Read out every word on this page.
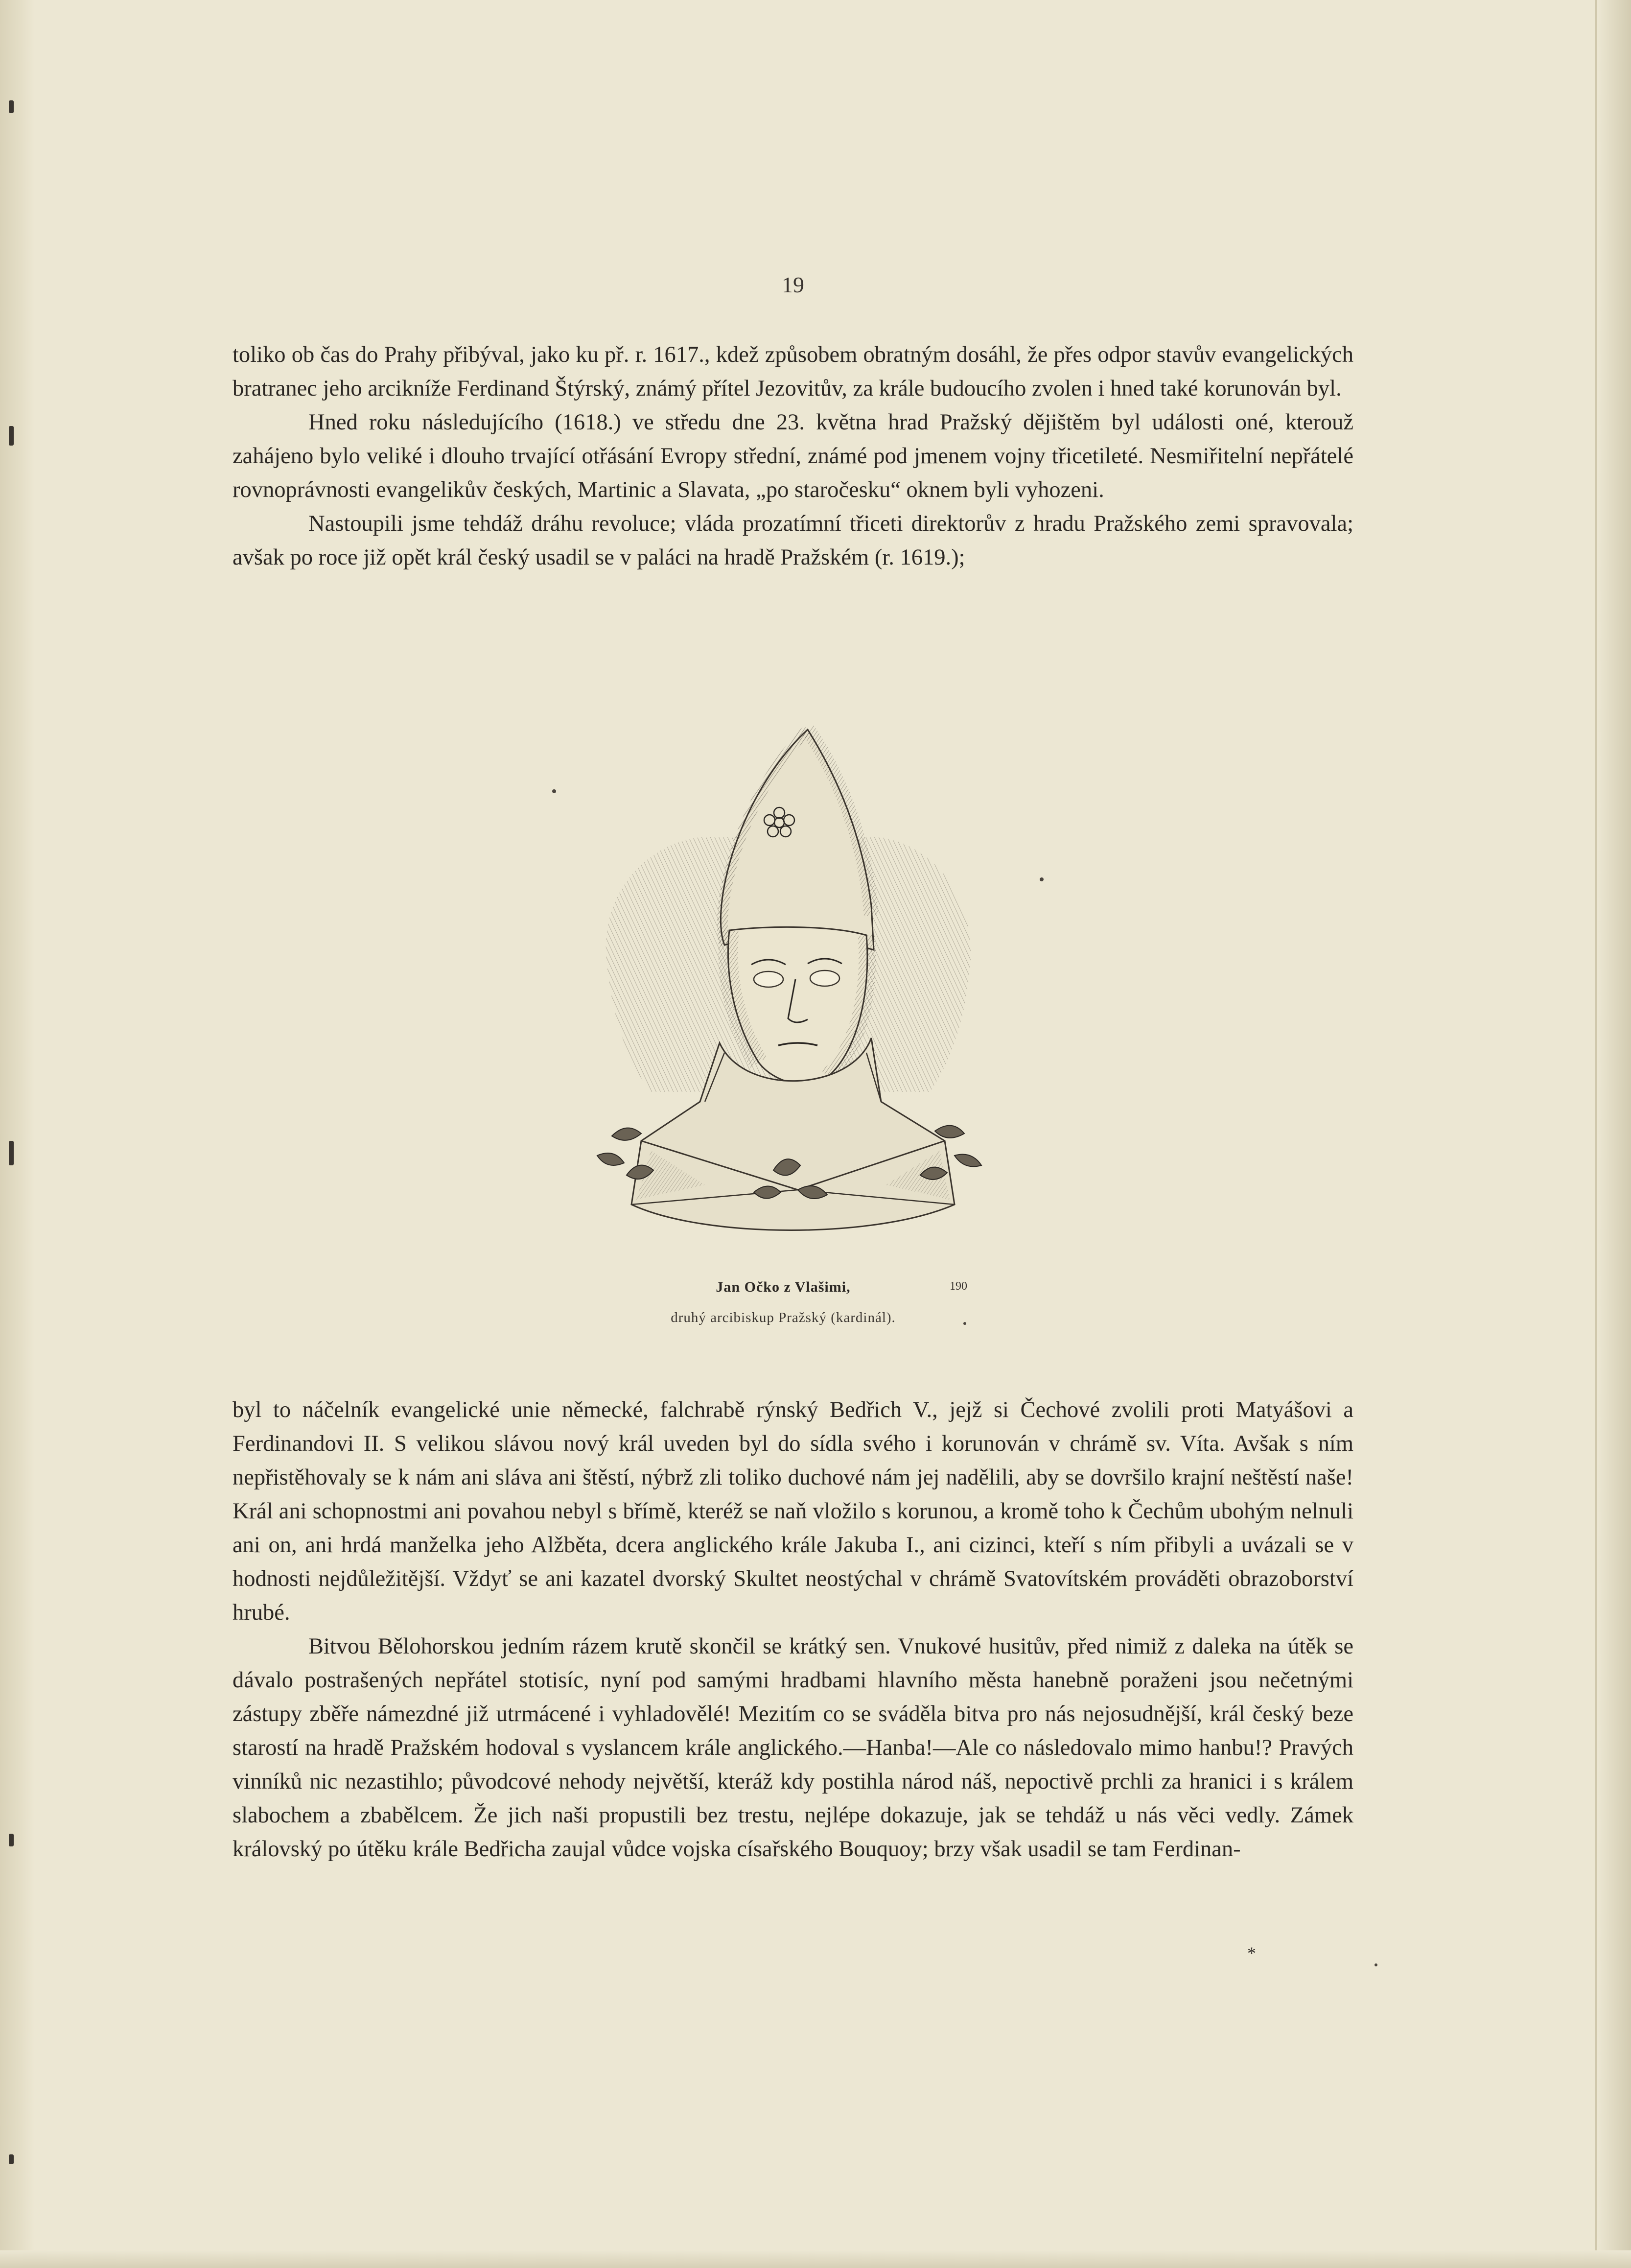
19

toliko ob čas do Prahy přibýval, jako ku př. r. 1617., kdež způsobem obratným dosáhl, že přes odpor stavův evangelických bratranec jeho arcikníže Ferdinand Štýrský, známý přítel Jezovitův, za krále budoucího zvolen i hned také korunován byl.

Hned roku následujícího (1618.) ve středu dne 23. května hrad Pražský dějištěm byl události oné, kterouž zahájeno bylo veliké i dlouho trvající otřásání Evropy střední, známé pod jmenem vojny třicetileté. Nesmiřitelní nepřátelé rovnoprávnosti evangelikův českých, Martinic a Slavata, „po staročesku“ oknem byli vyhozeni.

Nastoupili jsme tehdáž dráhu revoluce; vláda prozatímní třiceti direktorův z hradu Pražského zemi spravovala; avšak po roce již opět král český usadil se v paláci na hradě Pražském (r. 1619.);

Jan Očko z Vlašimi,	190
druhý arcibiskup Pražský (kardinál).

byl to náčelník evangelické unie německé, falchrabě rýnský Bedřich V., jejž si Čechové zvolili proti Matyášovi a Ferdinandovi II. S velikou slávou nový král uveden byl do sídla svého i korunován v chrámě sv. Víta. Avšak s ním nepřistěhovaly se k nám ani sláva ani štěstí, nýbrž zli toliko duchové nám jej nadělili, aby se dovršilo krajní neštěstí naše! Král ani schopnostmi ani povahou nebyl s břímě, kteréž se naň vložilo s korunou, a kromě toho k Čechům ubohým nelnuli ani on, ani hrdá manželka jeho Alžběta, dcera anglického krále Jakuba I., ani cizinci, kteří s ním přibyli a uvázali se v hodnosti nejdůležitější. Vždyť se ani kazatel dvorský Skultet neostýchal v chrámě Svatovítském prováděti obrazoborství hrubé.

Bitvou Bělohorskou jedním rázem krutě skončil se krátký sen. Vnukové husitův, před nimiž z daleka na útěk se dávalo postrašených nepřátel stotisíc, nyní pod samými hradbami hlavního města hanebně poraženi jsou nečetnými zástupy zběře námezdné již utrmácené i vyhladovělé! Mezitím co se sváděla bitva pro nás nejosudnější, král český beze starostí na hradě Pražském hodoval s vyslancem krále anglického.—Hanba!—Ale co následovalo mimo hanbu!? Pravých vinníků nic nezastihlo; původcové nehody největší, kteráž kdy postihla národ náš, nepoctivě prchli za hranici i s králem slabochem a zbabělcem. Že jich naši propustili bez trestu, nejlépe dokazuje, jak se tehdáž u nás věci vedly. Zámek královský po útěku krále Bedřicha zaujal vůdce vojska císařského Bouquoy; brzy však usadil se tam Ferdinan-

*
